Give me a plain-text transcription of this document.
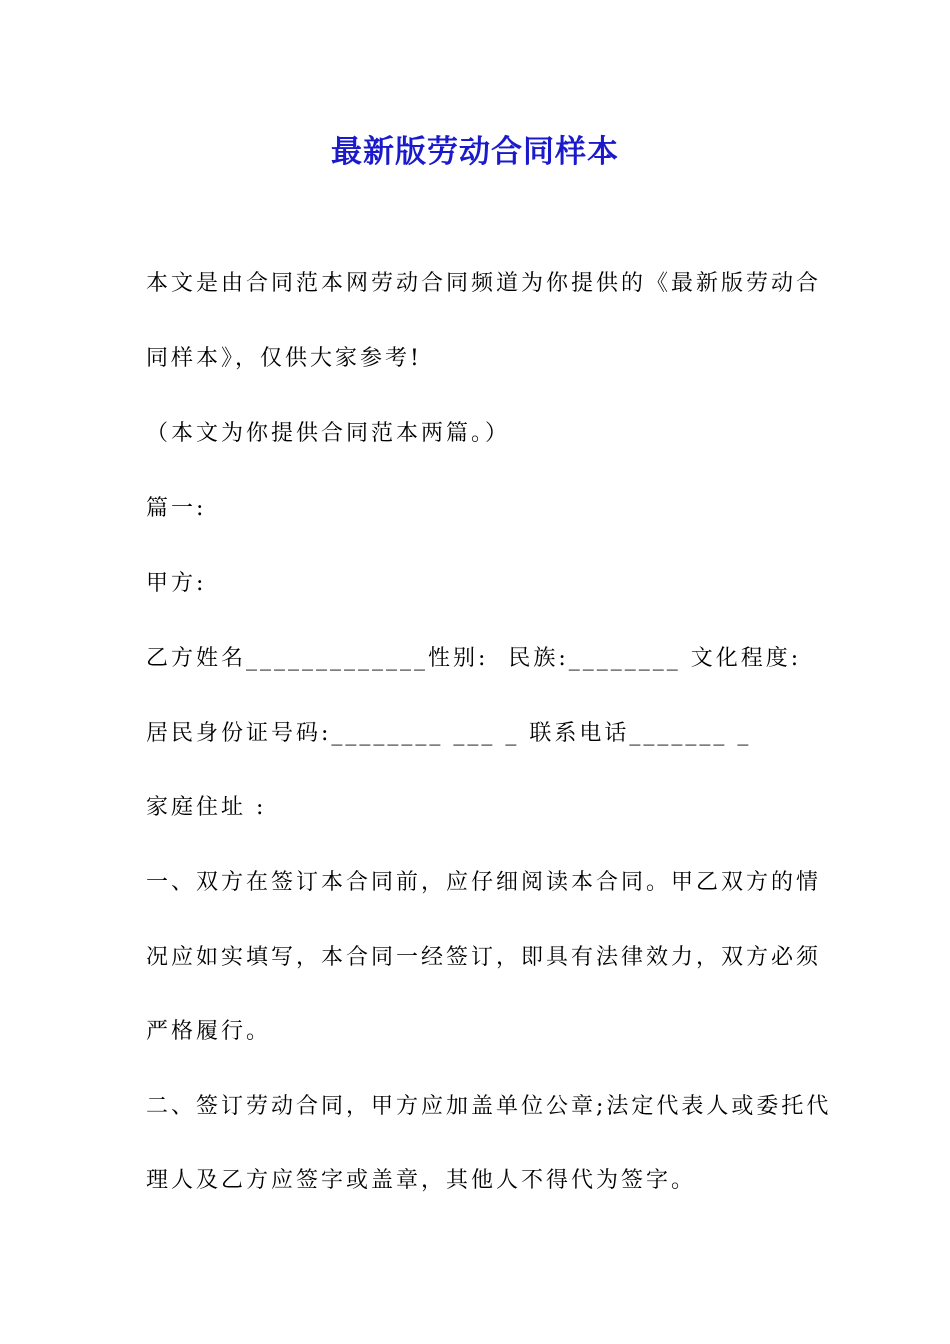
最新版劳动合同样本
本文是由合同范本网劳动合同频道为你提供的《最新版劳动合
同样本》，仅供大家参考!
（本文为你提供合同范本两篇。）
篇一:
甲方:
乙方姓名_____________性别:  民族:________ 文化程度:
居民身份证号码:________ ___ _ 联系电话_______ _
家庭住址 :
一、双方在签订本合同前，应仔细阅读本合同。甲乙双方的情
况应如实填写，本合同一经签订，即具有法律效力，双方必须
严格履行。
二、签订劳动合同，甲方应加盖单位公章;法定代表人或委托代
理人及乙方应签字或盖章，其他人不得代为签字。
